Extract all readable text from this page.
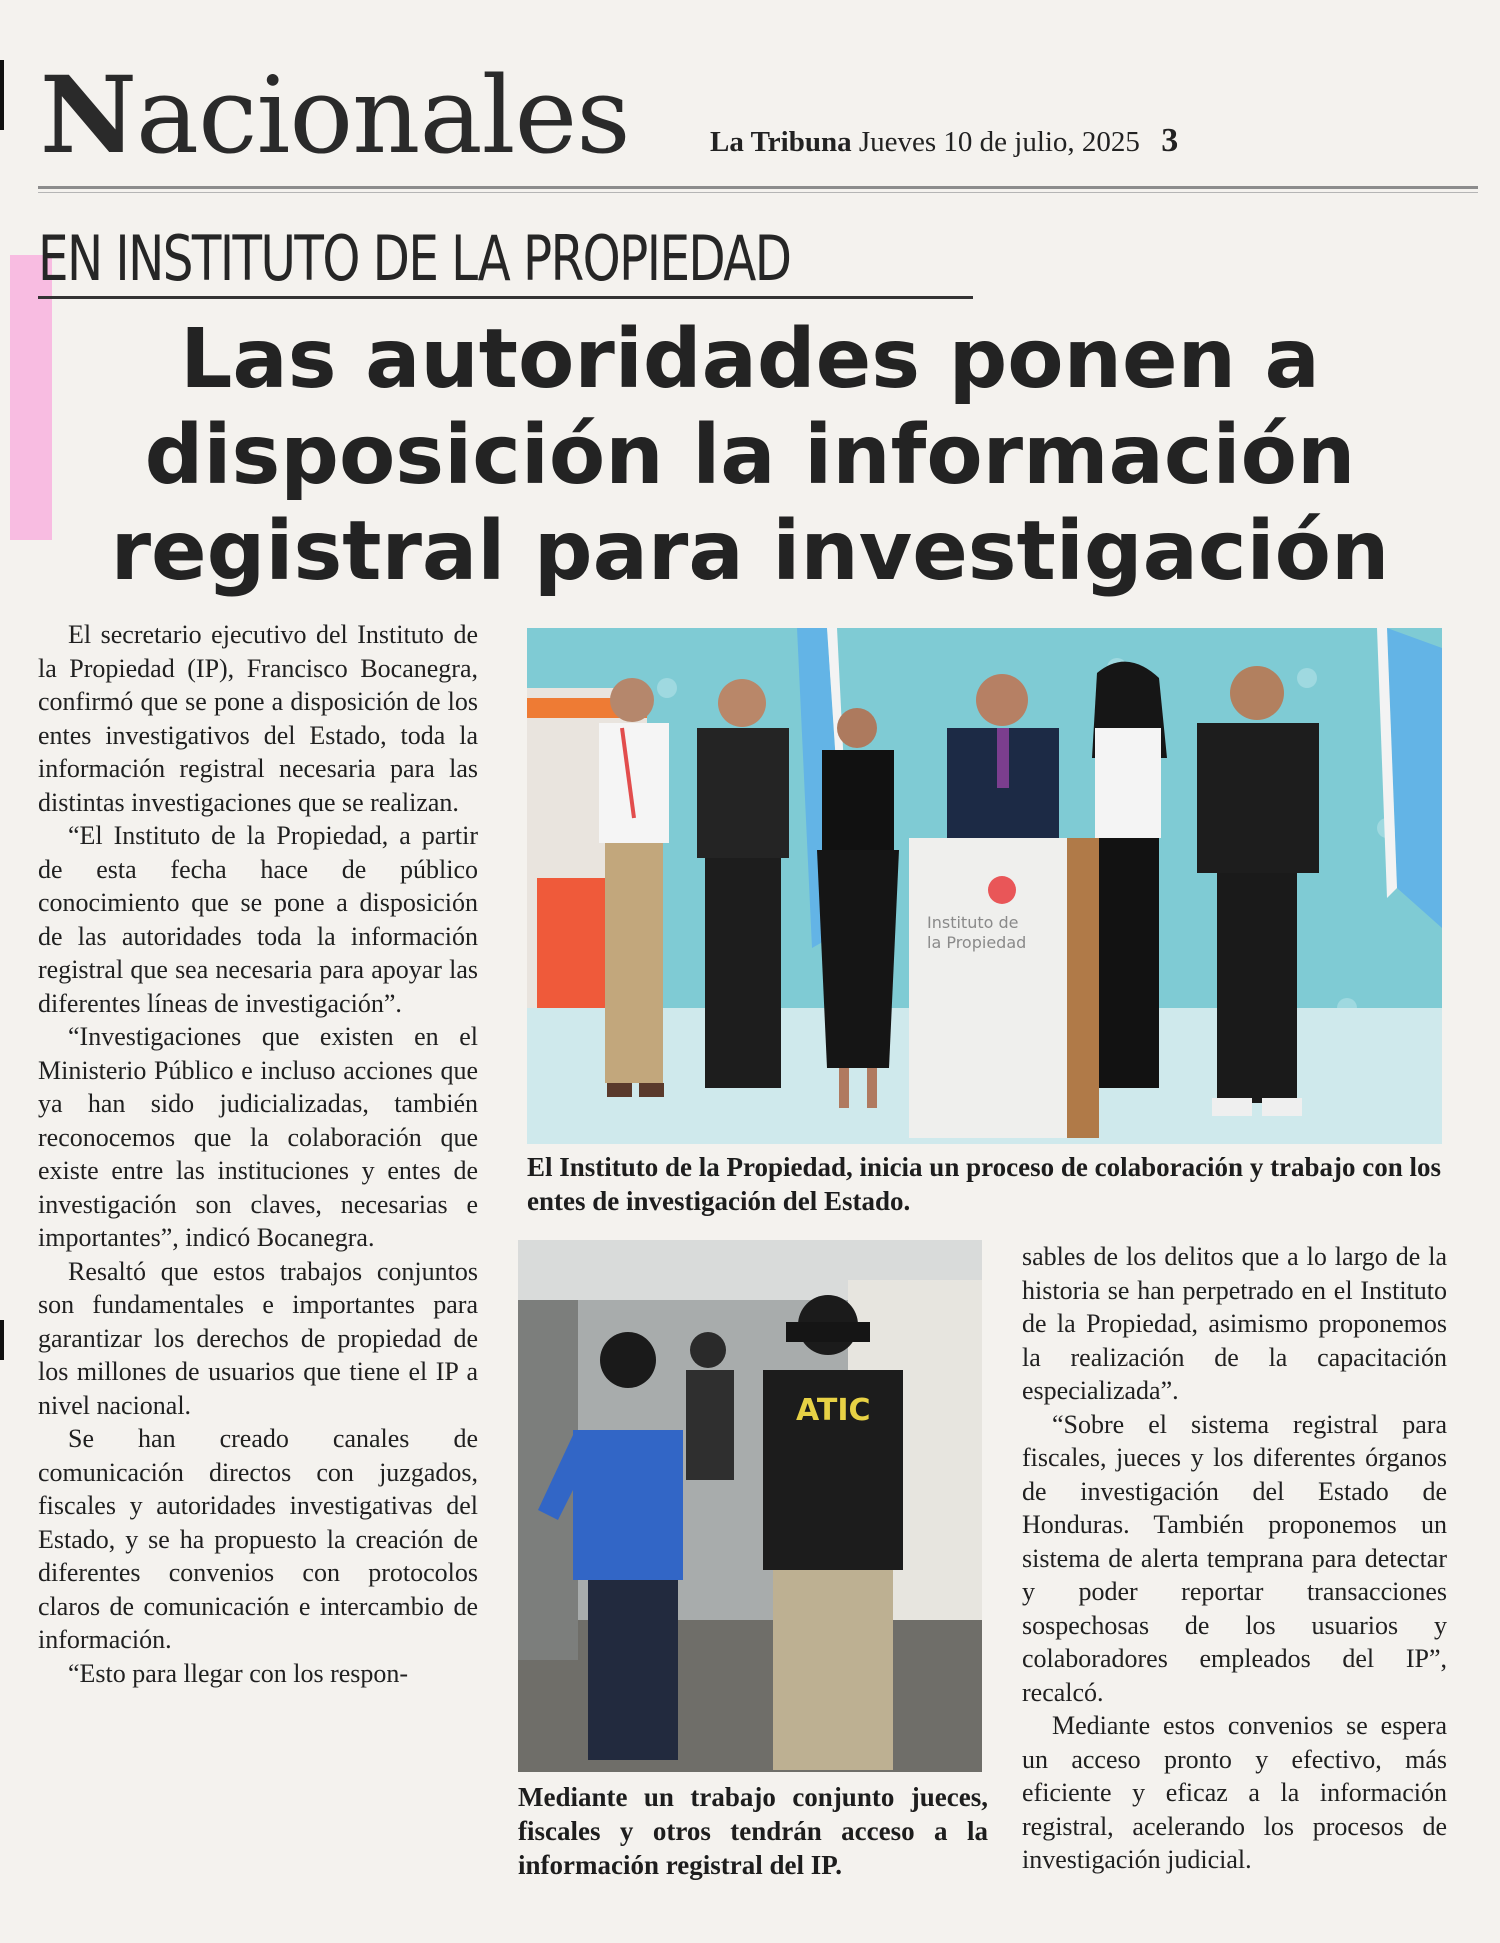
Nacionales	La Tribuna Jueves 10 de julio, 2025 3
EN INSTITUTO DE LA PROPIEDAD
Las autoridades ponen a
disposición la información
registral para investigación

El secretario ejecutivo del Instituto de la Propiedad (IP), Francisco Bocanegra, confirmó que se pone a disposición de los entes investigativos del Estado, toda la información registral necesaria para las distintas investigaciones que se realizan.

“El Instituto de la Propiedad, a partir de esta fecha hace de público conocimiento que se pone a disposición de las autoridades toda la información registral que sea necesaria para apoyar las diferentes líneas de investigación”.

“Investigaciones que existen en el Ministerio Público e incluso acciones que ya han sido judicializadas, también reconocemos que la colaboración que existe entre las instituciones y entes de investigación son claves, necesarias e importantes”, indicó Bocanegra.

Resaltó que estos trabajos conjuntos son fundamentales e importantes para garantizar los derechos de propiedad de los millones de usuarios que tiene el IP a nivel nacional.

Se han creado canales de comunicación directos con juzgados, fiscales y autoridades investigativas del Estado, y se ha propuesto la creación de diferentes convenios con protocolos claros de comunicación e intercambio de información.

“Esto para llegar con los respon-

Instituto de
la Propiedad

El Instituto de la Propiedad, inicia un proceso de colaboración y trabajo con los entes de investigación del Estado.

ATIC

Mediante un trabajo conjunto jueces, fiscales y otros tendrán acceso a la información registral del IP.

sables de los delitos que a lo largo de la historia se han perpetrado en el Instituto de la Propiedad, asimismo proponemos la realización de la capacitación especializada”.

“Sobre el sistema registral para fiscales, jueces y los diferentes órganos de investigación del Estado de Honduras. También proponemos un sistema de alerta temprana para detectar y poder reportar transacciones sospechosas de los usuarios y colaboradores empleados del IP”, recalcó.

Mediante estos convenios se espera un acceso pronto y efectivo, más eficiente y eficaz a la información registral, acelerando los procesos de investigación judicial.
